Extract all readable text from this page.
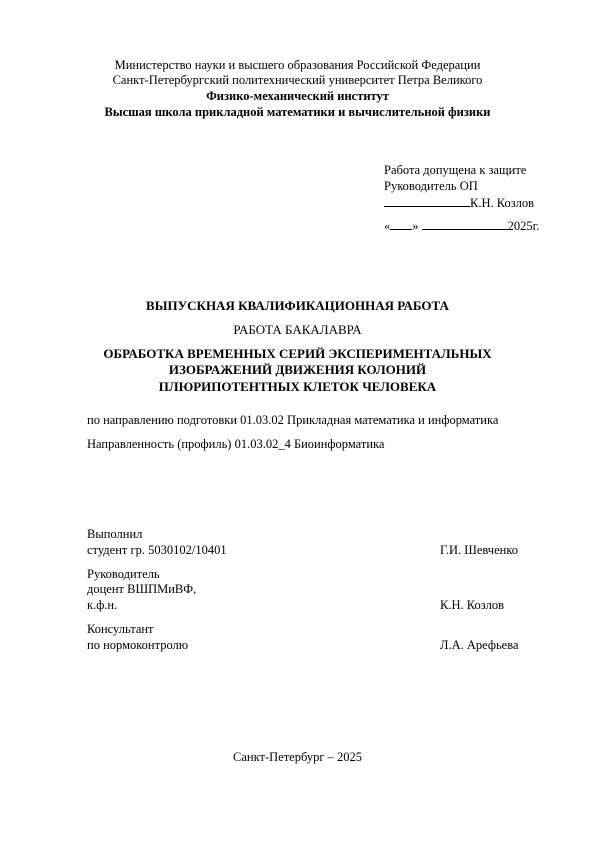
Министерство науки и высшего образования Российской Федерации
Санкт-Петербургский политехнический университет Петра Великого
Физико-механический институт
Высшая школа прикладной математики и вычислительной физики
Работа допущена к защите
Руководитель ОП
К.Н. Козлов
« »	2025г.
ВЫПУСКНАЯ КВАЛИФИКАЦИОННАЯ РАБОТА
РАБОТА БАКАЛАВРА
ОБРАБОТКА ВРЕМЕННЫХ СЕРИЙ ЭКСПЕРИМЕНТАЛЬНЫХ
ИЗОБРАЖЕНИЙ ДВИЖЕНИЯ КОЛОНИЙ
ПЛЮРИПОТЕНТНЫХ КЛЕТОК ЧЕЛОВЕКА
по направлению подготовки 01.03.02 Прикладная математика и информатика
Направленность (профиль) 01.03.02_4 Биоинформатика
Выполнил
студент гр. 5030102/10401	Г.И. Шевченко
Руководитель
доцент ВШПМиВФ,
к.ф.н.	К.Н. Козлов
Консультант
по нормоконтролю	Л.А. Арефьева
Санкт-Петербург – 2025
